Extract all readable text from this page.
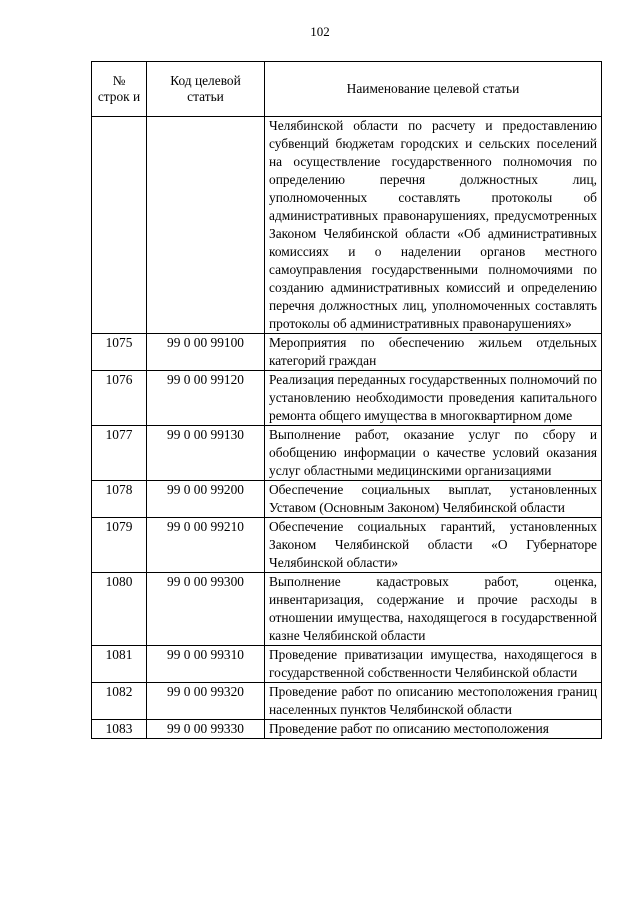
102
№ строк и	Код целевой статьи	Наименование целевой статьи
		Челябинской области по расчету и предоставлению субвенций бюджетам городских и сельских поселений на осуществление государственного полномочия по определению перечня должностных лиц, уполномоченных составлять протоколы об административных правонарушениях, предусмотренных Законом Челябинской области «Об административных комиссиях и о наделении органов местного самоуправления государственными полномочиями по созданию административных комиссий и определению перечня должностных лиц, уполномоченных составлять протоколы об административных правонарушениях»
1075	99 0 00 99100	Мероприятия по обеспечению жильем отдельных категорий граждан
1076	99 0 00 99120	Реализация переданных государственных полномочий по установлению необходимости проведения капитального ремонта общего имущества в многоквартирном доме
1077	99 0 00 99130	Выполнение работ, оказание услуг по сбору и обобщению информации о качестве условий оказания услуг областными медицинскими организациями
1078	99 0 00 99200	Обеспечение социальных выплат, установленных Уставом (Основным Законом) Челябинской области
1079	99 0 00 99210	Обеспечение социальных гарантий, установленных Законом Челябинской области «О Губернаторе Челябинской области»
1080	99 0 00 99300	Выполнение кадастровых работ, оценка, инвентаризация, содержание и прочие расходы в отношении имущества, находящегося в государственной казне Челябинской области
1081	99 0 00 99310	Проведение приватизации имущества, находящегося в государственной собственности Челябинской области
1082	99 0 00 99320	Проведение работ по описанию местоположения границ населенных пунктов Челябинской области
1083	99 0 00 99330	Проведение работ по описанию местоположения
